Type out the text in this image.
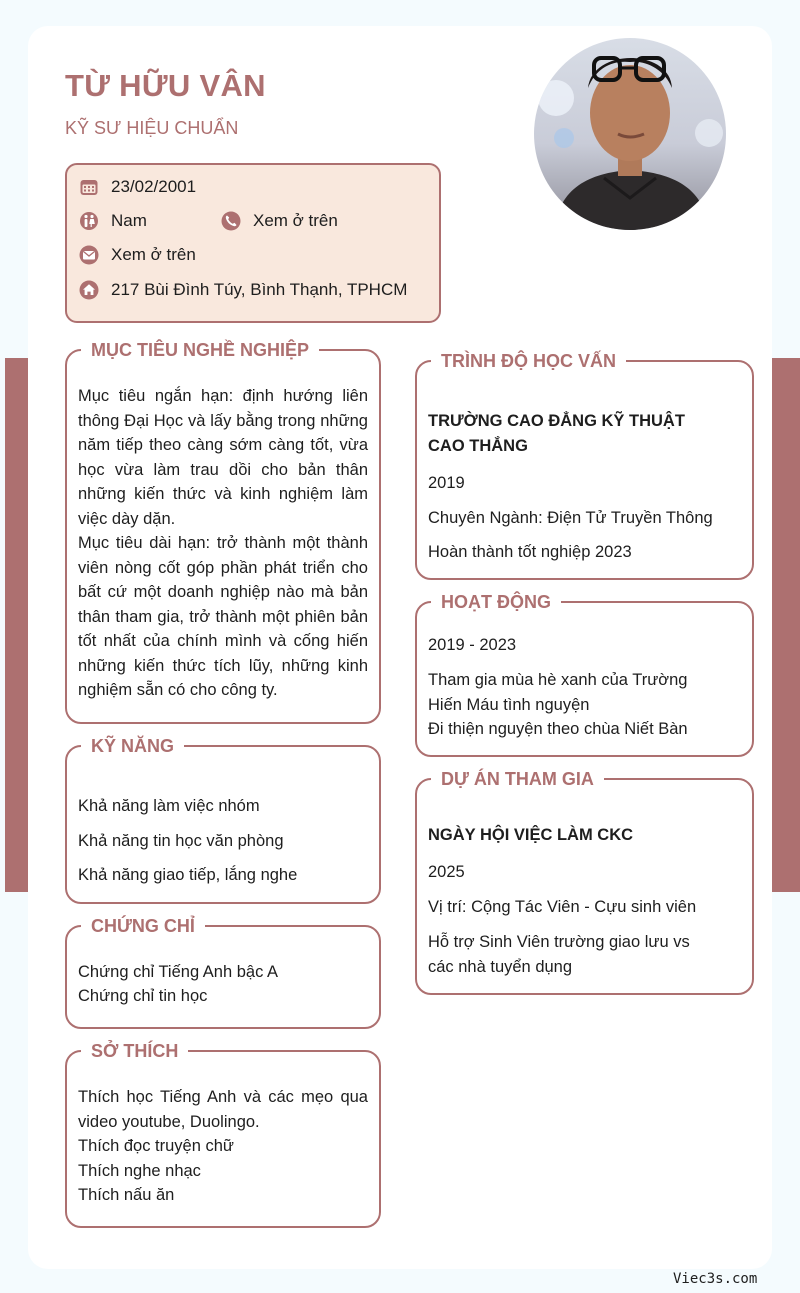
TỪ HỮU VÂN
KỸ SƯ HIỆU CHUẨN
23/02/2001
Nam	Xem ở trên
Xem ở trên
217 Bùi Đình Túy, Bình Thạnh, TPHCM
MỤC TIÊU NGHỀ NGHIỆP

Mục tiêu ngắn hạn: định hướng liên thông Đại Học và lấy bằng trong những năm tiếp theo càng sớm càng tốt, vừa học vừa làm trau dồi cho bản thân những kiến thức và kinh nghiệm làm việc dày dặn.

Mục tiêu dài hạn: trở thành một thành viên nòng cốt góp phần phát triển cho bất cứ một doanh nghiệp nào mà bản thân tham gia, trở thành một phiên bản tốt nhất của chính mình và cống hiến những kiến thức tích lũy, những kinh nghiệm sẵn có cho công ty.

KỸ NĂNG
Khả năng làm việc nhóm
Khả năng tin học văn phòng
Khả năng giao tiếp, lắng nghe
CHỨNG CHỈ
Chứng chỉ Tiếng Anh bậc A
Chứng chỉ tin học
SỞ THÍCH

Thích học Tiếng Anh và các mẹo qua video youtube, Duolingo.

Thích đọc truyện chữ

Thích nghe nhạc

Thích nấu ăn

TRÌNH ĐỘ HỌC VẤN
TRƯỜNG CAO ĐẲNG KỸ THUẬT CAO THẮNG
2019
Chuyên Ngành: Điện Tử Truyền Thông
Hoàn thành tốt nghiệp 2023
HOẠT ĐỘNG
2019 - 2023
Tham gia mùa hè xanh của Trường
Hiến Máu tình nguyện
Đi thiện nguyện theo chùa Niết Bàn
DỰ ÁN THAM GIA
NGÀY HỘI VIỆC LÀM CKC
2025
Vị trí: Cộng Tác Viên - Cựu sinh viên
Hỗ trợ Sinh Viên trường giao lưu vs các nhà tuyển dụng
Viec3s.com
